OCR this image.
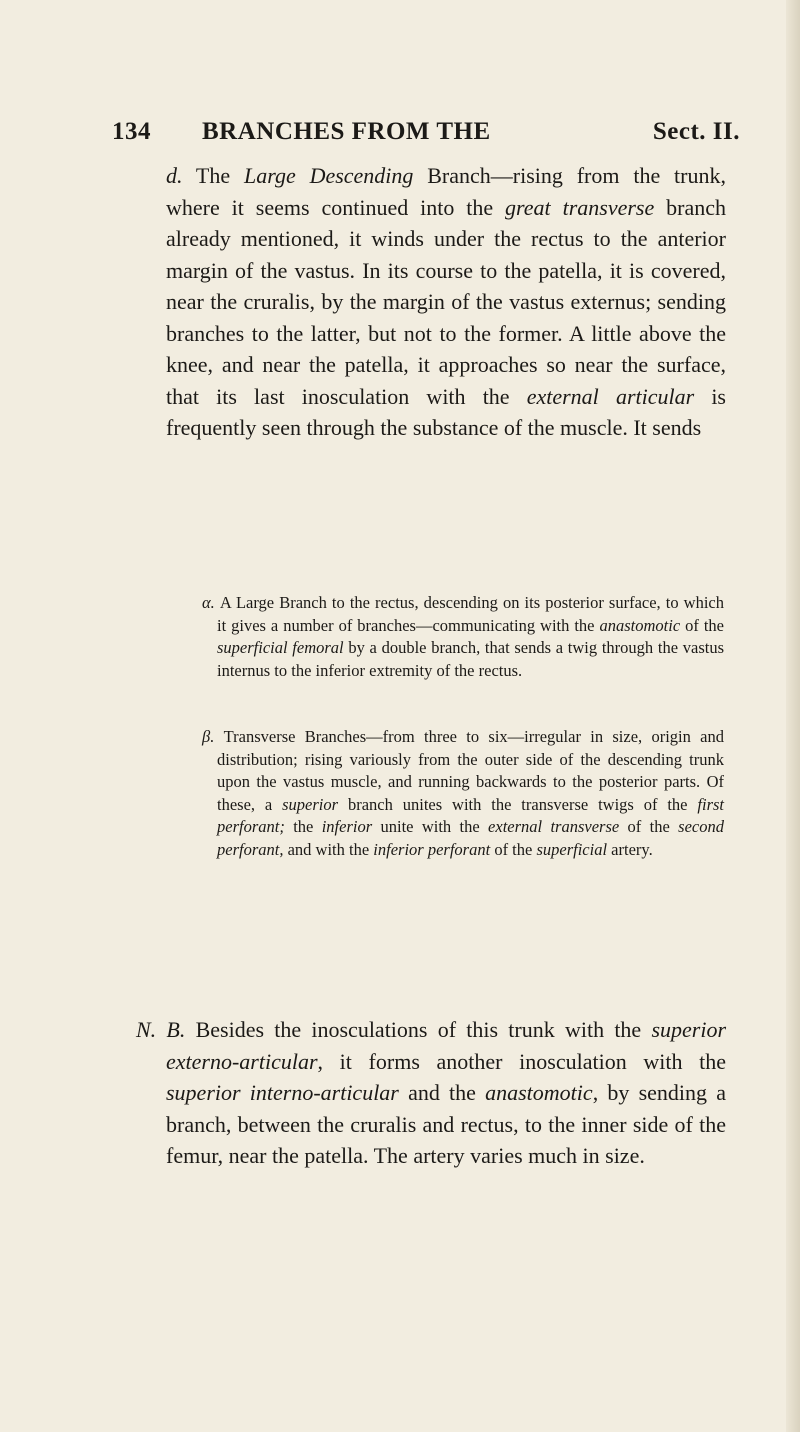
134 BRANCHES FROM THE	Sect. II.

d. The Large Descending Branch—rising from the trunk, where it seems continued into the great transverse branch already mentioned, it winds under the rectus to the anterior margin of the vastus. In its course to the patella, it is covered, near the cruralis, by the margin of the vastus externus; sending branches to the latter, but not to the former. A little above the knee, and near the patella, it approaches so near the surface, that its last inosculation with the external articular is frequently seen through the substance of the muscle. It sends

α. A Large Branch to the rectus, descending on its posterior surface, to which it gives a number of branches—communicating with the anastomotic of the superficial femoral by a double branch, that sends a twig through the vastus internus to the inferior extremity of the rectus.

β. Transverse Branches—from three to six—irregular in size, origin and distribution; rising variously from the outer side of the descending trunk upon the vastus muscle, and running backwards to the posterior parts. Of these, a superior branch unites with the transverse twigs of the first perforant; the inferior unite with the external transverse of the second perforant, and with the inferior perforant of the superficial artery.

N. B. Besides the inosculations of this trunk with the superior externo-articular, it forms another inosculation with the superior interno-articular and the anastomotic, by sending a branch, between the cruralis and rectus, to the inner side of the femur, near the patella. The artery varies much in size.
